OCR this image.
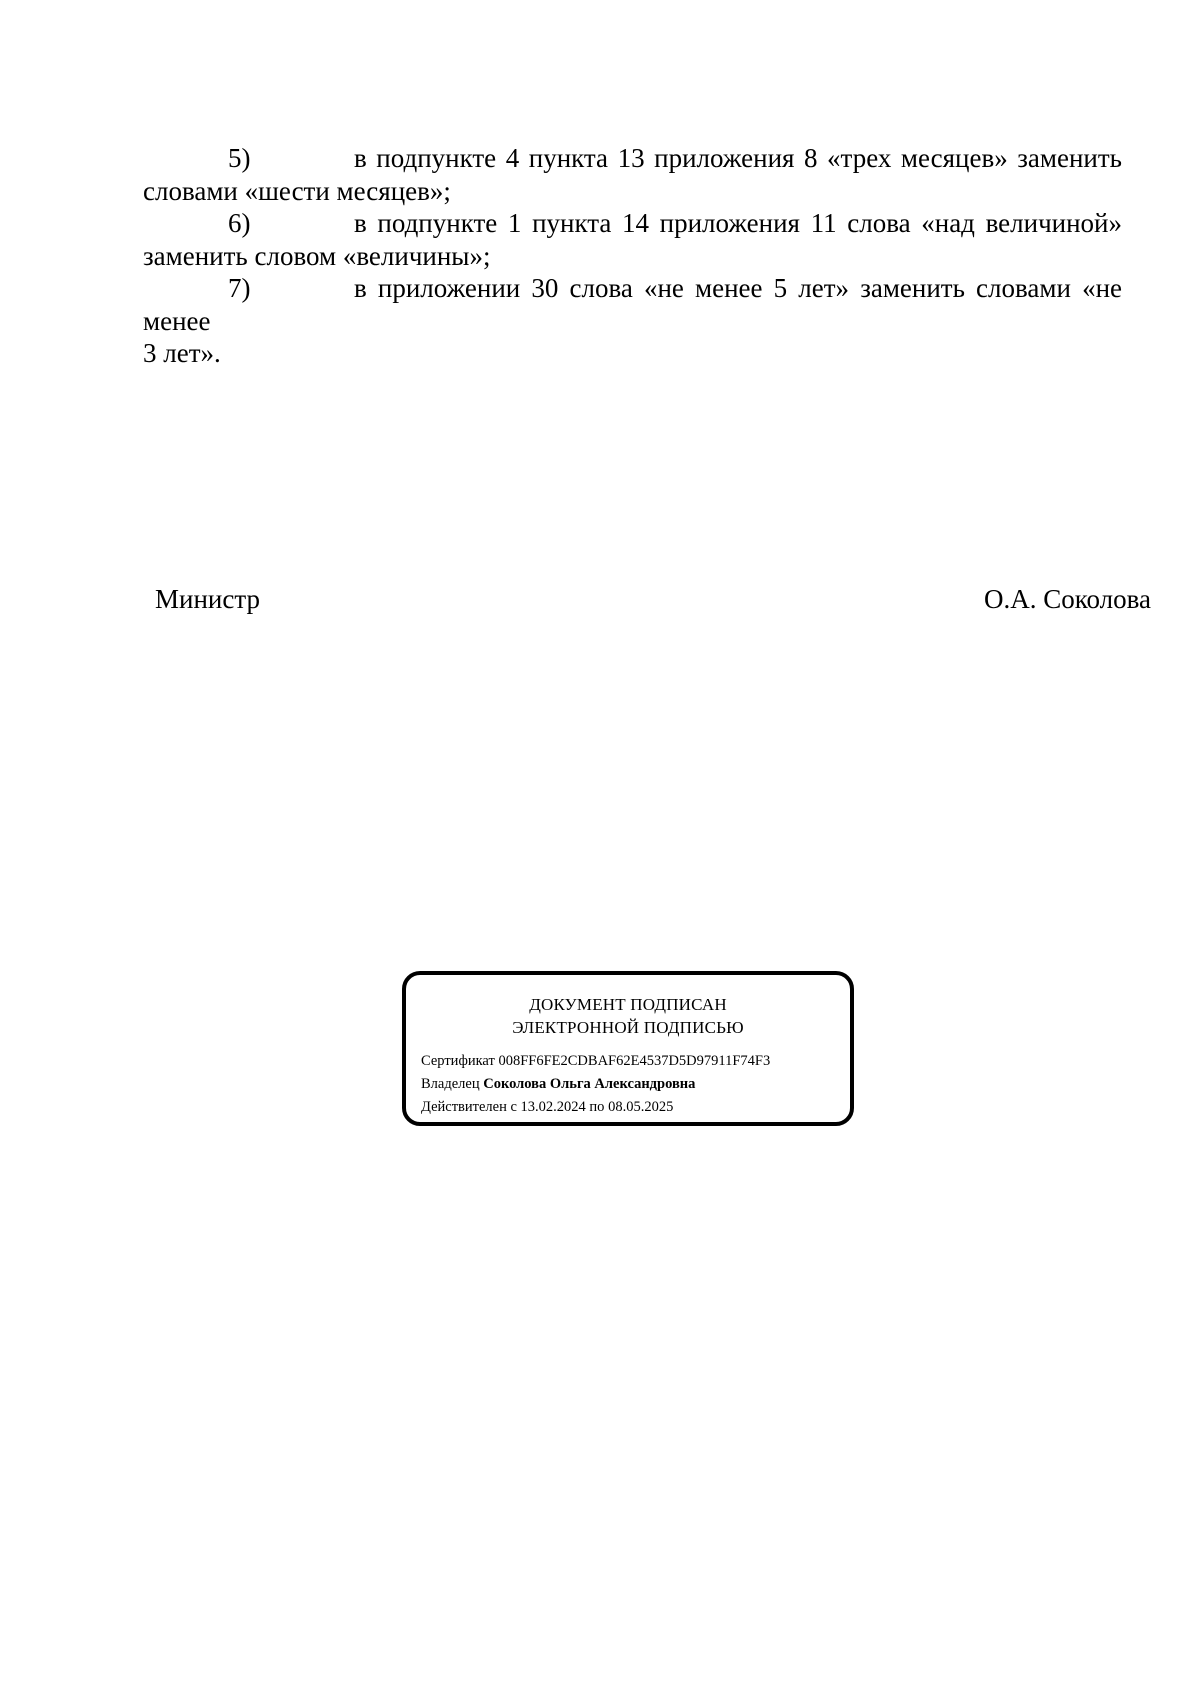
5)	в подпункте 4 пункта 13 приложения 8 «трех месяцев» заменить
словами «шести месяцев»;
6)	в подпункте 1 пункта 14 приложения 11 слова «над величиной»
заменить словом «величины»;
7)	в приложении 30 слова «не менее 5 лет» заменить словами «не менее
3 лет».
Министр	О.А. Соколова
ДОКУМЕНТ ПОДПИСАН
ЭЛЕКТРОННОЙ ПОДПИСЬЮ
Сертификат 008FF6FE2CDBAF62E4537D5D97911F74F3
Владелец Соколова Ольга Александровна
Действителен с 13.02.2024 по 08.05.2025
